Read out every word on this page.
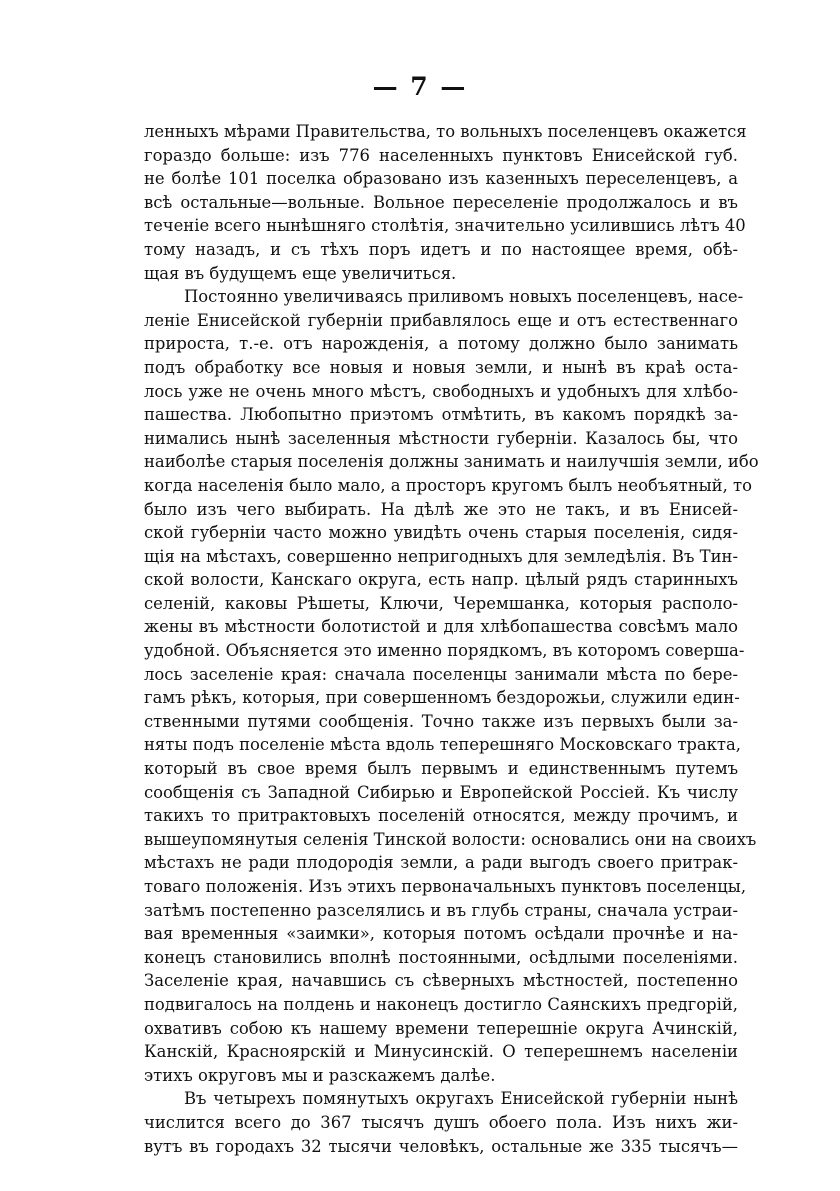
— 7 —
ленныхъ мѣрами Правительства, то вольныхъ поселенцевъ окажется
гораздо больше: изъ 776 населенныхъ пунктовъ Енисейской губ.
не болѣе 101 поселка образовано изъ казенныхъ переселенцевъ, а
всѣ остальные—вольные. Вольное переселеніе продолжалось и въ
теченіе всего нынѣшняго столѣтія, значительно усилившись лѣтъ 40
тому назадъ, и съ тѣхъ поръ идетъ и по настоящее время, обѣ-
щая въ будущемъ еще увеличиться.
Постоянно увеличиваясь приливомъ новыхъ поселенцевъ, насе-
леніе Енисейской губерніи прибавлялось еще и отъ естественнаго
прироста, т.-е. отъ нарожденія, а потому должно было занимать
подъ обработку все новыя и новыя земли, и нынѣ въ краѣ оста-
лось уже не очень много мѣстъ, свободныхъ и удобныхъ для хлѣбо-
пашества. Любопытно приэтомъ отмѣтить, въ какомъ порядкѣ за-
нимались нынѣ заселенныя мѣстности губерніи. Казалось бы, что
наиболѣе старыя поселенія должны занимать и наилучшія земли, ибо
когда населенія было мало, а просторъ кругомъ былъ необъятный, то
было изъ чего выбирать. На дѣлѣ же это не такъ, и въ Енисей-
ской губерніи часто можно увидѣть очень старыя поселенія, сидя-
щія на мѣстахъ, совершенно непригодныхъ для земледѣлія. Въ Тин-
ской волости, Канскаго округа, есть напр. цѣлый рядъ старинныхъ
селеній, каковы Рѣшеты, Ключи, Черемшанка, которыя располо-
жены въ мѣстности болотистой и для хлѣбопашества совсѣмъ мало
удобной. Объясняется это именно порядкомъ, въ которомъ соверша-
лось заселеніе края: сначала поселенцы занимали мѣста по бере-
гамъ рѣкъ, которыя, при совершенномъ бездорожьи, служили един-
ственными путями сообщенія. Точно также изъ первыхъ были за-
няты подъ поселеніе мѣста вдоль теперешняго Московскаго тракта,
который въ свое время былъ первымъ и единственнымъ путемъ
сообщенія съ Западной Сибирью и Европейской Россіей. Къ числу
такихъ то притрактовыхъ поселеній относятся, между прочимъ, и
вышеупомянутыя селенія Тинской волости: основались они на своихъ
мѣстахъ не ради плодородія земли, а ради выгодъ своего притрак-
товаго положенія. Изъ этихъ первоначальныхъ пунктовъ поселенцы,
затѣмъ постепенно разселялись и въ глубь страны, сначала устраи-
вая временныя «заимки», которыя потомъ осѣдали прочнѣе и на-
конецъ становились вполнѣ постоянными, осѣдлыми поселеніями.
Заселеніе края, начавшись съ сѣверныхъ мѣстностей, постепенно
подвигалось на полдень и наконецъ достигло Саянскихъ предгорій,
охвативъ собою къ нашему времени теперешніе округа Ачинскій,
Канскій, Красноярскій и Минусинскій. О теперешнемъ населеніи
этихъ округовъ мы и разскажемъ далѣе.
Въ четырехъ помянутыхъ округахъ Енисейской губерніи нынѣ
числится всего до 367 тысячъ душъ обоего пола. Изъ нихъ жи-
вутъ въ городахъ 32 тысячи человѣкъ, остальные же 335 тысячъ—
